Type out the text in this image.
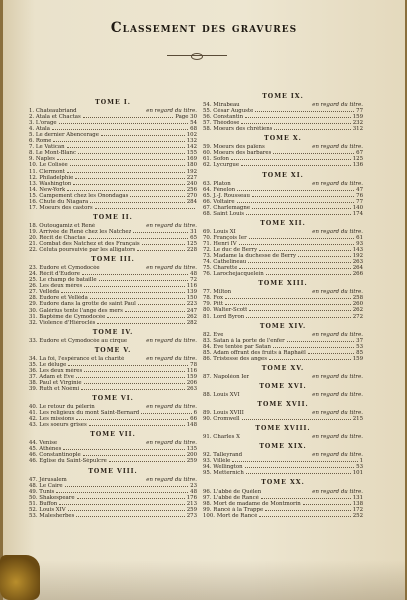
Classement des gravures
TOME I.
1. Chateaubriand	en regard du titre.
2. Atala et Chactas	Page 30
3. L'orage	54
4. Atala	68
5. Le dernier Abencerage	102
6. Rome	132
7. Le Vatican	142
8. Le Mont-Blanc	155
9. Naples	169
10. Le Colisée	180
11. Clermont	192
12. Philadelphie	227
13. Washington	240
14. New-York	256
15. Campement chez les Onondagas	270
16. Chute du Niagara	284
17. Moeurs des castors
TOME II.
18. Outougamiz et René	en regard du titre.
19. Arrivée de René chez les Natchez	31
20. Récit de Chactas	65
21. Combat des Natchez et des Français	125
22. Céluta poursuivie par les alligators	228
TOME III.
23. Eudore et Cymodocée	en regard du titre.
24. Récit d'Eudore	48
25. Le champ de bataille	72
26. Les deux mères	116
27. Velléda	139
28. Eudore et Velléda	150
29. Eudore dans la grotte de saint Paul	223
30. Galérius tente l'ange des mers	247
31. Baptême de Cymodocée	262
32. Violence d'Hiéroclès	282
TOME IV.
33. Eudore et Cymodocée au cirque	en regard du titre.
TOME V.
34. La foi, l'espérance et la charité	en regard du titre.
35. Le déluge	78
36. Les deux mères	116
37. Adam et Ève	159
38. Paul et Virginie	206
39. Ruth et Noémi	263
TOME VI.
40. Le retour du pèlerin	en regard du titre.
41. Les religieux du mont Saint-Bernard	6
42. Les missions	66
43. Les soeurs grises	148
TOME VII.
44. Venise	en regard du titre.
45. Athènes	135
46. Constantinople	200
46. Église du Saint-Sépulcre	259
TOME VIII.
47. Jérusalem	en regard du titre.
48. Le Caire	23
49. Tunis	48
50. Shakespeare	176
51. Buffon	213
52. Louis XIV	259
53. Malesherbes	273
TOME IX.
54. Mirabeau	en regard du titre.
55. César Auguste	77
56. Constantin	159
57. Théodose	232
58. Moeurs des chrétiens	312
TOME X.
59. Moeurs des païens	en regard du titre.
60. Moeurs des barbares	67
61. Sofon	125
62. Lycurgue	136
TOME XI.
63. Platon	en regard du titre.
64. Fénelon	47
65. J.-J. Rousseau	76
66. Voltaire	77
67. Charlemagne	140
68. Saint Louis	174
TOME XII.
69. Louis XI	en regard du titre.
70. François Ier	61
71. Henri IV	93
72. Le duc de Berry	143
73. Madame la duchesse de Berry	192
74. Cathelineau	263
75. Charette	264
76. Larochejacquelein	266
TOME XIII.
77. Milton	en regard du titre.
78. Fox	258
79. Pitt	260
80. Walter-Scott	262
81. Lord Byron	272
TOME XIV.
82. Ève	en regard du titre.
83. Satan à la porte de l'enfer	37
84. Ève tentée par Satan	53
85. Adam offrant des fruits à Raphaël	85
86. Tristesse des anges	159
TOME XV.
87. Napoléon Ier	en regard du titre.
TOME XVI.
88. Louis XVI	en regard du titre.
TOME XVII.
89. Louis XVIII	en regard du titre.
90. Cromwell	215
TOME XVIII.
91. Charles X	en regard du titre.
TOME XIX.
92. Talleyrand	en regard du titre.
93. Villèle	1
94. Wellington	53
95. Metternich	101
TOME XX.
96. L'abbé de Quélen	en regard du titre.
97. L'abbé de Rancé	131
98. Mort de madame de Montmorin	138
99. Rancé à la Trappe	172
100. Mort de Rancé	252
